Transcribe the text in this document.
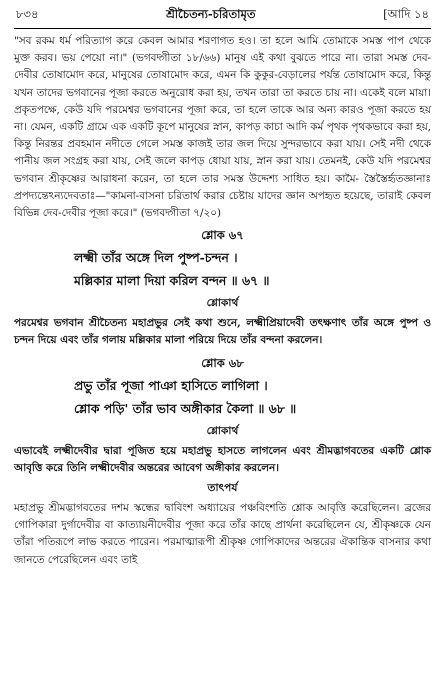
৮৩৪	শ্রীচৈতন্য-চরিতামৃত	[আদি ১৪

"সব রকম ধর্ম পরিত্যাগ করে কেবল আমার শরণাগত হও। তা হলে আমি তোমাকে সমস্ত পাপ থেকে মুক্ত করব। ভয় পেয়ো না।" (ভগবদ্গীতা ১৮/৬৬) মানুষ এই কথা বুঝতে পারে না। তারা সমস্ত দেব-দেবীর তোষামোদ করে, মানুষের তোষামোদ করে, এমন কি কুকুর-বেড়ালের পর্যন্ত তোষামোদ করে, কিন্তু যখন তাদের ভগবানের পূজা করতে অনুরোধ করা হয়, তখন তারা তা করতে চায় না। একেই বলে মায়া। প্রকৃতপক্ষে, কেউ যদি পরমেশ্বর ভগবানের পূজা করে, তা হলে তাকে আর অন্য কারও পূজা করতে হয় না। যেমন, একটি গ্রামে এক একটি কূপে মানুষের স্নান, কাপড় কাচা আদি কর্ম পৃথক পৃথকভাবে করা হয়, কিন্তু নিরন্তর প্রবহমান নদীতে গেলে সমস্ত কাজই তার জল দিয়ে সুন্দরভাবে করা যায়। সেই নদী থেকে পানীয় জল সংগ্রহ করা যায়, সেই জলে কাপড় ধোয়া যায়, স্নান করা যায়। তেমনই, কেউ যদি পরমেশ্বর ভগবান শ্রীকৃষ্ণের আরাধনা করেন, তা হলে তার সমস্ত উদ্দেশ্য সাধিত হয়। কামৈ- স্তৈস্তৈর্হৃতজ্ঞানাঃ প্রপদ্যন্তেঽন্যদেবতাঃ—"কামনা-বাসনা চরিতার্থ করার চেষ্টায় যাদের জ্ঞান অপহৃত হয়েছে, তারাই কেবল বিভিন্ন দেব-দেবীর পূজা করে।" (ভগবদ্গীতা ৭/২০)

শ্লোক ৬৭
লক্ষ্মী তাঁর অঙ্গে দিল পুষ্প-চন্দন ।
মল্লিকার মালা দিয়া করিল বন্দন ॥ ৬৭ ॥
শ্লোকার্থ

পরমেশ্বর ভগবান শ্রীচৈতন্য মহাপ্রভুর সেই কথা শুনে, লক্ষ্মীপ্রিয়াদেবী তৎক্ষণাৎ তাঁর অঙ্গে পুষ্প ও চন্দন দিয়ে এবং তাঁর গলায় মল্লিকার মালা পরিয়ে দিয়ে তাঁর বন্দনা করলেন।

শ্লোক ৬৮
প্রভু তাঁর পূজা পাঞা হাসিতে লাগিলা ।
শ্লোক পড়ি' তাঁর ভাব অঙ্গীকার কৈলা ॥ ৬৮ ॥
শ্লোকার্থ

এভাবেই লক্ষ্মীদেবীর দ্বারা পূজিত হয়ে মহাপ্রভু হাসতে লাগলেন এবং শ্রীমদ্ভাগবতের একটি শ্লোক আবৃত্তি করে তিনি লক্ষ্মীদেবীর অন্তরের আবেগ অঙ্গীকার করলেন।

তাৎপর্য

মহাপ্রভু শ্রীমদ্ভাগবতের দশম স্কন্ধের দ্বাবিংশ অধ্যায়ের পঞ্চবিংশতি শ্লোক আবৃত্তি করেছিলেন। ব্রজের গোপিকারা দুর্গাদেবীর বা কাত্যায়নীদেবীর পূজা করে তাঁর কাছে প্রার্থনা করেছিলেন যে, শ্রীকৃষ্ণকে যেন তাঁরা পতিরূপে লাভ করতে পারেন। পরমাত্মারূপী শ্রীকৃষ্ণ গোপিকাদের অন্তরের ঐকান্তিক বাসনার কথা জানতে পেরেছিলেন এবং তাই
